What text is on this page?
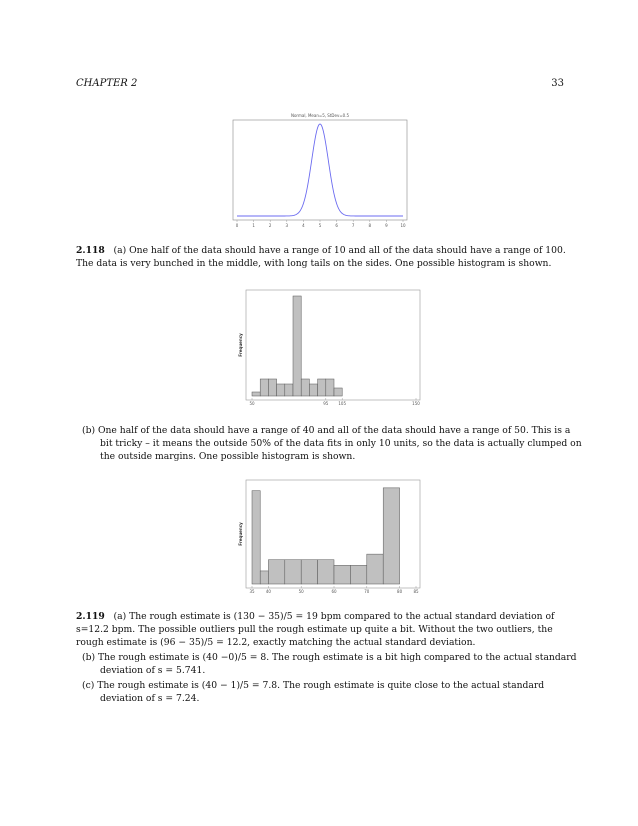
CHAPTER 2	33
Normal, Mean=5, StDev=0.5
0	1	2	3	4	5	6	7	8	9	10
2.118 (a) One half of the data should have a range of 10 and all of the data should have a range of 100. The data is very bunched in the middle, with long tails on the sides. One possible histogram is shown.
Frequency
50	95	105	150
(b) One half of the data should have a range of 40 and all of the data should have a range of 50. This is a bit tricky – it means the outside 50% of the data fits in only 10 units, so the data is actually clumped on the outside margins. One possible histogram is shown.
Frequency
35	40	50	60	70	80	85
2.119 (a) The rough estimate is (130 − 35)/5 = 19 bpm compared to the actual standard deviation of s=12.2 bpm. The possible outliers pull the rough estimate up quite a bit. Without the two outliers, the rough estimate is (96 − 35)/5 = 12.2, exactly matching the actual standard deviation.
(b) The rough estimate is (40 −0)/5 = 8. The rough estimate is a bit high compared to the actual standard deviation of s = 5.741.
(c) The rough estimate is (40 − 1)/5 = 7.8. The rough estimate is quite close to the actual standard deviation of s = 7.24.
